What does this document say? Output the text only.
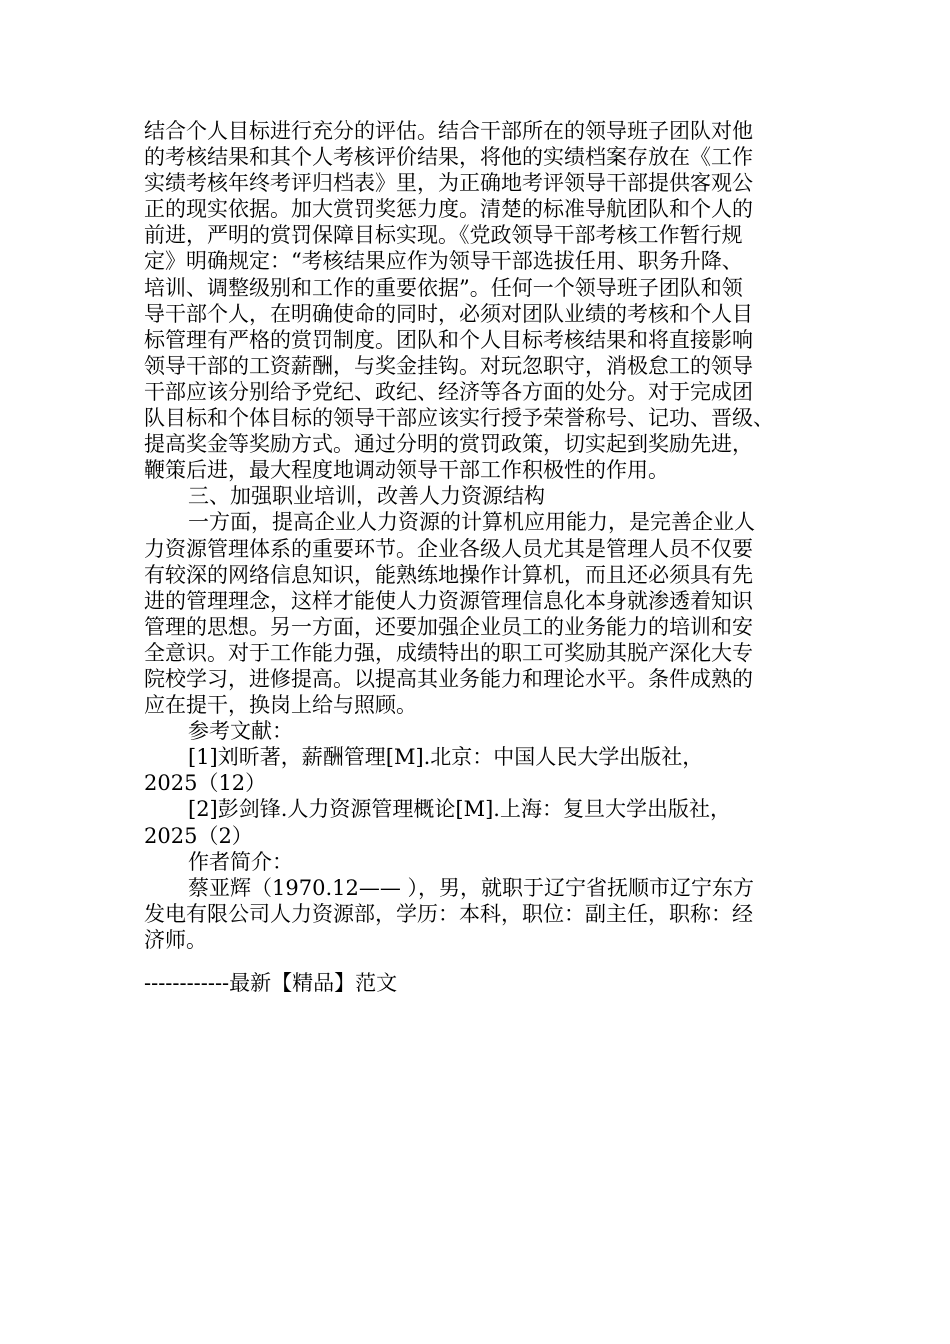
结合个人目标进行充分的评估。结合干部所在的领导班子团队对他
的考核结果和其个人考核评价结果，将他的实绩档案存放在《工作
实绩考核年终考评归档表》里，为正确地考评领导干部提供客观公
正的现实依据。加大赏罚奖惩力度。清楚的标准导航团队和个人的
前进，严明的赏罚保障目标实现。《党政领导干部考核工作暂行规
定》明确规定：“考核结果应作为领导干部选拔任用、职务升降、
培训、调整级别和工作的重要依据”。任何一个领导班子团队和领
导干部个人，在明确使命的同时，必须对团队业绩的考核和个人目
标管理有严格的赏罚制度。团队和个人目标考核结果和将直接影响
领导干部的工资薪酬，与奖金挂钩。对玩忽职守，消极怠工的领导
干部应该分别给予党纪、政纪、经济等各方面的处分。对于完成团
队目标和个体目标的领导干部应该实行授予荣誉称号、记功、晋级、
提高奖金等奖励方式。通过分明的赏罚政策，切实起到奖励先进，
鞭策后进，最大程度地调动领导干部工作积极性的作用。
三、加强职业培训，改善人力资源结构
一方面，提高企业人力资源的计算机应用能力，是完善企业人
力资源管理体系的重要环节。企业各级人员尤其是管理人员不仅要
有较深的网络信息知识，能熟练地操作计算机，而且还必须具有先
进的管理理念，这样才能使人力资源管理信息化本身就渗透着知识
管理的思想。另一方面，还要加强企业员工的业务能力的培训和安
全意识。对于工作能力强，成绩特出的职工可奖励其脱产深化大专
院校学习，进修提高。以提高其业务能力和理论水平。条件成熟的
应在提干，换岗上给与照顾。
参考文献：
[1]刘昕著，薪酬管理[M].北京：中国人民大学出版社，
2025（12）
[2]彭剑锋.人力资源管理概论[M].上海：复旦大学出版社，
2025（2）
作者简介：
蔡亚辉（1970.12—— ），男，就职于辽宁省抚顺市辽宁东方
发电有限公司人力资源部，学历：本科，职位：副主任，职称：经
济师。
------------最新【精品】范文
